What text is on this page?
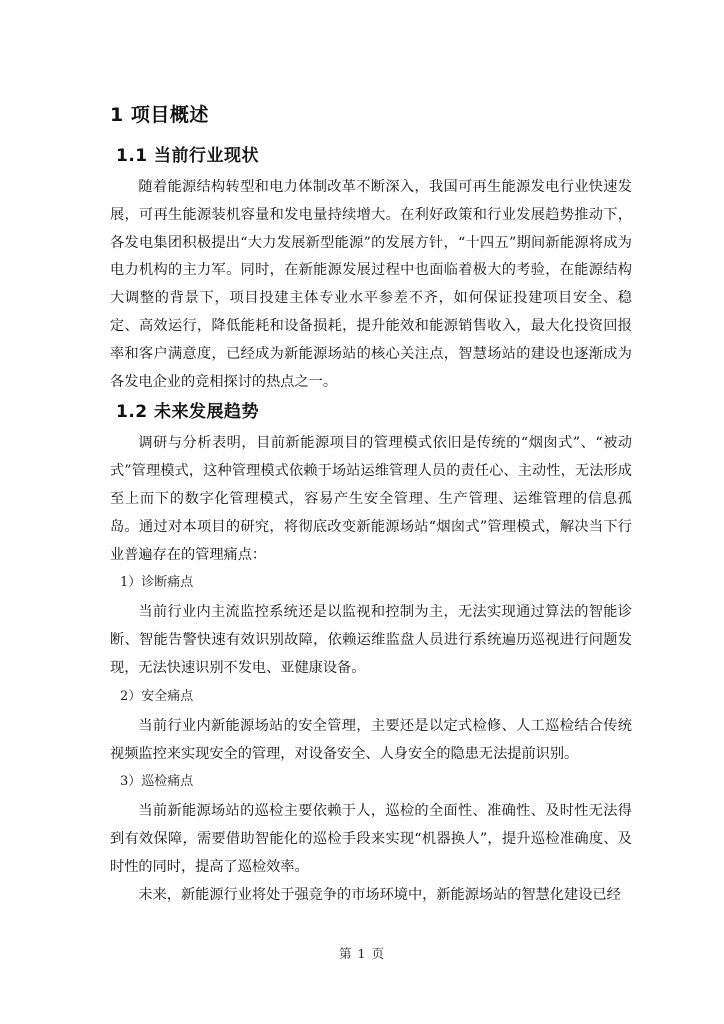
1 项目概述
1.1 当前行业现状

随着能源结构转型和电力体制改革不断深入，我国可再生能源发电行业快速发展，可再生能源装机容量和发电量持续增大。在利好政策和行业发展趋势推动下，各发电集团积极提出“大力发展新型能源”的发展方针，“十四五”期间新能源将成为电力机构的主力军。同时，在新能源发展过程中也面临着极大的考验，在能源结构大调整的背景下，项目投建主体专业水平参差不齐，如何保证投建项目安全、稳定、高效运行，降低能耗和设备损耗，提升能效和能源销售收入，最大化投资回报率和客户满意度，已经成为新能源场站的核心关注点，智慧场站的建设也逐渐成为各发电企业的竞相探讨的热点之一。

1.2 未来发展趋势

调研与分析表明，目前新能源项目的管理模式依旧是传统的“烟囱式”、“被动式”管理模式，这种管理模式依赖于场站运维管理人员的责任心、主动性，无法形成至上而下的数字化管理模式，容易产生安全管理、生产管理、运维管理的信息孤岛。通过对本项目的研究，将彻底改变新能源场站“烟囱式”管理模式，解决当下行业普遍存在的管理痛点：

1）诊断痛点

当前行业内主流监控系统还是以监视和控制为主，无法实现通过算法的智能诊断、智能告警快速有效识别故障，依赖运维监盘人员进行系统遍历巡视进行问题发现，无法快速识别不发电、亚健康设备。

2）安全痛点

当前行业内新能源场站的安全管理，主要还是以定式检修、人工巡检结合传统视频监控来实现安全的管理，对设备安全、人身安全的隐患无法提前识别。

3）巡检痛点

当前新能源场站的巡检主要依赖于人，巡检的全面性、准确性、及时性无法得到有效保障，需要借助智能化的巡检手段来实现“机器换人”，提升巡检准确度、及时性的同时，提高了巡检效率。

未来，新能源行业将处于强竞争的市场环境中，新能源场站的智慧化建设已经

第 1 页
